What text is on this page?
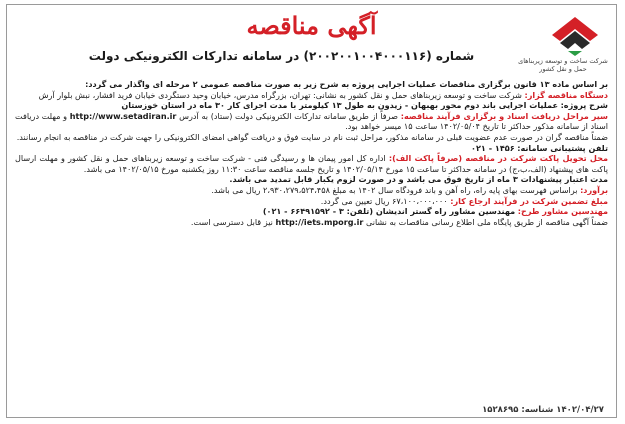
شرکت ساخت و توسعه زیربناهای حمل و نقل کشور
آگهی مناقصه
شماره (۲۰۰۲۰۰۱۰۰۴۰۰۰۱۱۶) در سامانه تدارکات الکترونیکی دولت

بر اساس ماده ۱۳ قانون برگزاری مناقصات عملیات اجرایی پروژه به شرح زیر به صورت مناقصه عمومی ۲ مرحله ای واگذار می گردد:

دستگاه مناقصه گزار: شرکت ساخت و توسعه زیربناهای حمل و نقل کشور به نشانی: تهران، بزرگراه مدرس، خیابان وحید دستگردی خیابان فرید افشار، نبش بلوار آرش

شرح پروژه: عملیات اجرایی باند دوم محور بهبهان - زیدون به طول ۱۳ کیلومتر با مدت اجرای کار ۳۰ ماه در استان خوزستان

سیر مراحل دریافت اسناد و برگزاری فرآیند مناقصه: صرفاً از طریق سامانه تدارکات الکترونیکی دولت (ستاد) به آدرس http://www.setadiran.ir و مهلت دریافت اسناد از سامانه مذکور حداکثر تا تاریخ ۱۴۰۲/۰۵/۰۴ ساعت ۱۵ میسر خواهد بود.

ضمناً مناقصه گران در صورت عدم عضویت قبلی در سامانه مذکور، مراحل ثبت نام در سایت فوق و دریافت گواهی امضای الکترونیکی را جهت شرکت در مناقصه به انجام رسانند.

تلفن پشتیبانی سامانه: ۱۴۵۶ - ۰۲۱

محل تحویل پاکت شرکت در مناقصه (صرفاً پاکت الف): اداره کل امور پیمان ها و رسیدگی فنی - شرکت ساخت و توسعه زیربناهای حمل و نقل کشور و مهلت ارسال پاکت های پیشنهاد (الف،ب،ج) در سامانه حداکثر تا ساعت ۱۵ مورخ ۱۴۰۲/۰۵/۱۴ و تاریخ جلسه مناقصه ساعت ۱۱:۳۰ روز یکشنبه مورخ ۱۴۰۲/۰۵/۱۵ می باشد.

مدت اعتبار پیشنهادات ۳ ماه از تاریخ فوق می باشد و در صورت لزوم یکبار قابل تمدید می باشد.

برآورد: براساس فهرست بهای پایه راه، راه آهن و باند فرودگاه سال ۱۴۰۲ به مبلغ ۲،۹۳۰،۲۷۹،۵۲۴،۴۵۸ ریال می باشد.

مبلغ تضمین شرکت در فرآیند ارجاع کار: ۶۷،۱۰۰،۰۰۰،۰۰۰ ریال تعیین می گردد.

مهندسین مشاور طرح: مهندسین مشاور راه گستر اندیشان (تلفن: ۳ - ۶۶۴۹۱۵۹۲ - ۰۲۱)

ضمناً آگهی مناقصه از طریق پایگاه ملی اطلاع رسانی مناقصات به نشانی http://iets.mporg.ir نیز قابل دسترسی است.

۱۴۰۲/۰۴/۲۷ شناسه: ۱۵۲۸۶۹۵
